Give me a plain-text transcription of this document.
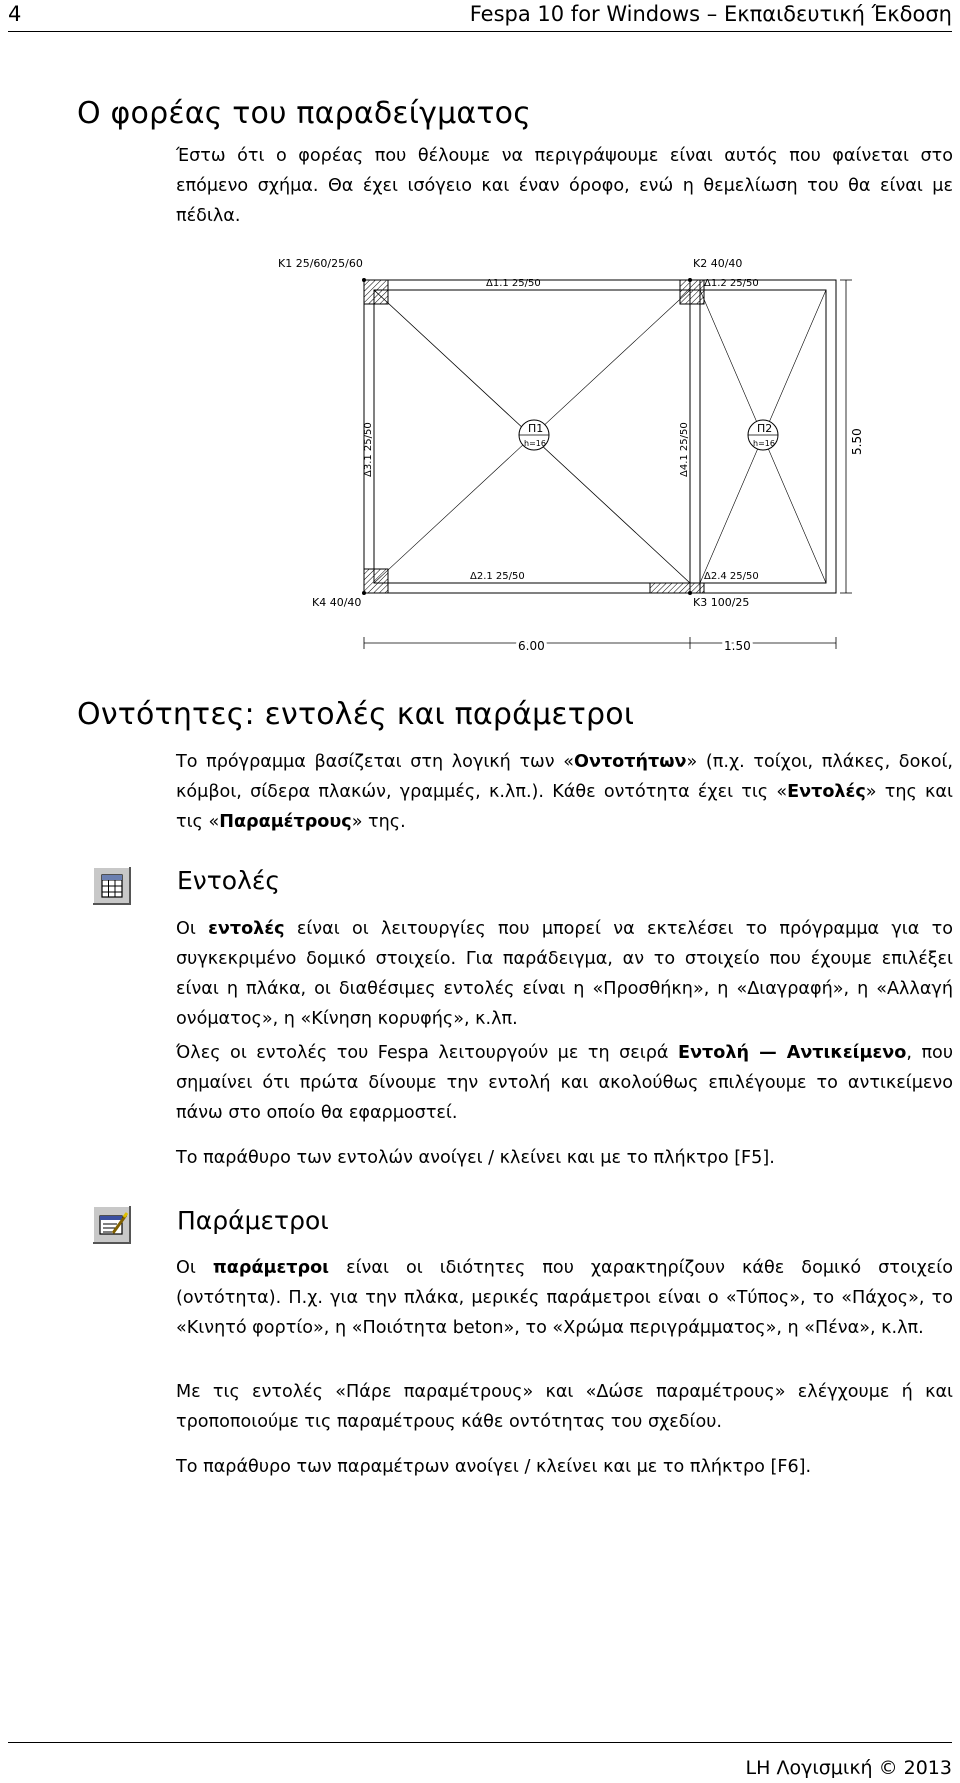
4	Fespa 10 for Windows – Εκπαιδευτική Έκδοση
Ο φορέας του παραδείγματος
Έστω ότι ο φορέας που θέλουμε να περιγράψουμε είναι αυτός που φαίνεται στο επόμενο σχήμα. Θα έχει ισόγειο και έναν όροφο, ενώ η θεμελίωση του θα είναι με πέδιλα.
Π1
h=16
Π2
h=16
Κ1 25/60/25/60	Κ2 40/40
Κ4 40/40	Κ3 100/25
Δ1.1 25/50	Δ1.2 25/50
Δ2.1 25/50	Δ2.4 25/50
Δ3.1 25/50	Δ4.1 25/50	5.50
6.00	1.50
Οντότητες: εντολές και παράμετροι
Το πρόγραμμα βασίζεται στη λογική των «Οντοτήτων» (π.χ. τοίχοι, πλάκες, δοκοί, κόμβοι, σίδερα πλακών, γραμμές, κ.λπ.). Κάθε οντότητα έχει τις «Εντολές» της και τις «Παραμέτρους» της.
Εντολές
Οι εντολές είναι οι λειτουργίες που μπορεί να εκτελέσει το πρόγραμμα για το συγκεκριμένο δομικό στοιχείο. Για παράδειγμα, αν το στοιχείο που έχουμε επιλέξει είναι η πλάκα, οι διαθέσιμες εντολές είναι η «Προσθήκη», η «Διαγραφή», η «Αλλαγή ονόματος», η «Κίνηση κορυφής», κ.λπ.
Όλες οι εντολές του Fespa λειτουργούν με τη σειρά Εντολή — Αντικείμενο, που σημαίνει ότι πρώτα δίνουμε την εντολή και ακολούθως επιλέγουμε το αντικείμενο πάνω στο οποίο θα εφαρμοστεί.
Το παράθυρο των εντολών ανοίγει / κλείνει και με το πλήκτρο [F5].
Παράμετροι
Οι παράμετροι είναι οι ιδιότητες που χαρακτηρίζουν κάθε δομικό στοιχείο (οντότητα). Π.χ. για την πλάκα, μερικές παράμετροι είναι ο «Τύπος», το «Πάχος», το «Κινητό φορτίο», η «Ποιότητα beton», το «Χρώμα περιγράμματος», η «Πένα», κ.λπ.
Με τις εντολές «Πάρε παραμέτρους» και «Δώσε παραμέτρους» ελέγχουμε ή και τροποποιούμε τις παραμέτρους κάθε οντότητας του σχεδίου.
Το παράθυρο των παραμέτρων ανοίγει / κλείνει και με το πλήκτρο [F6].
LH Λογισμική © 2013
